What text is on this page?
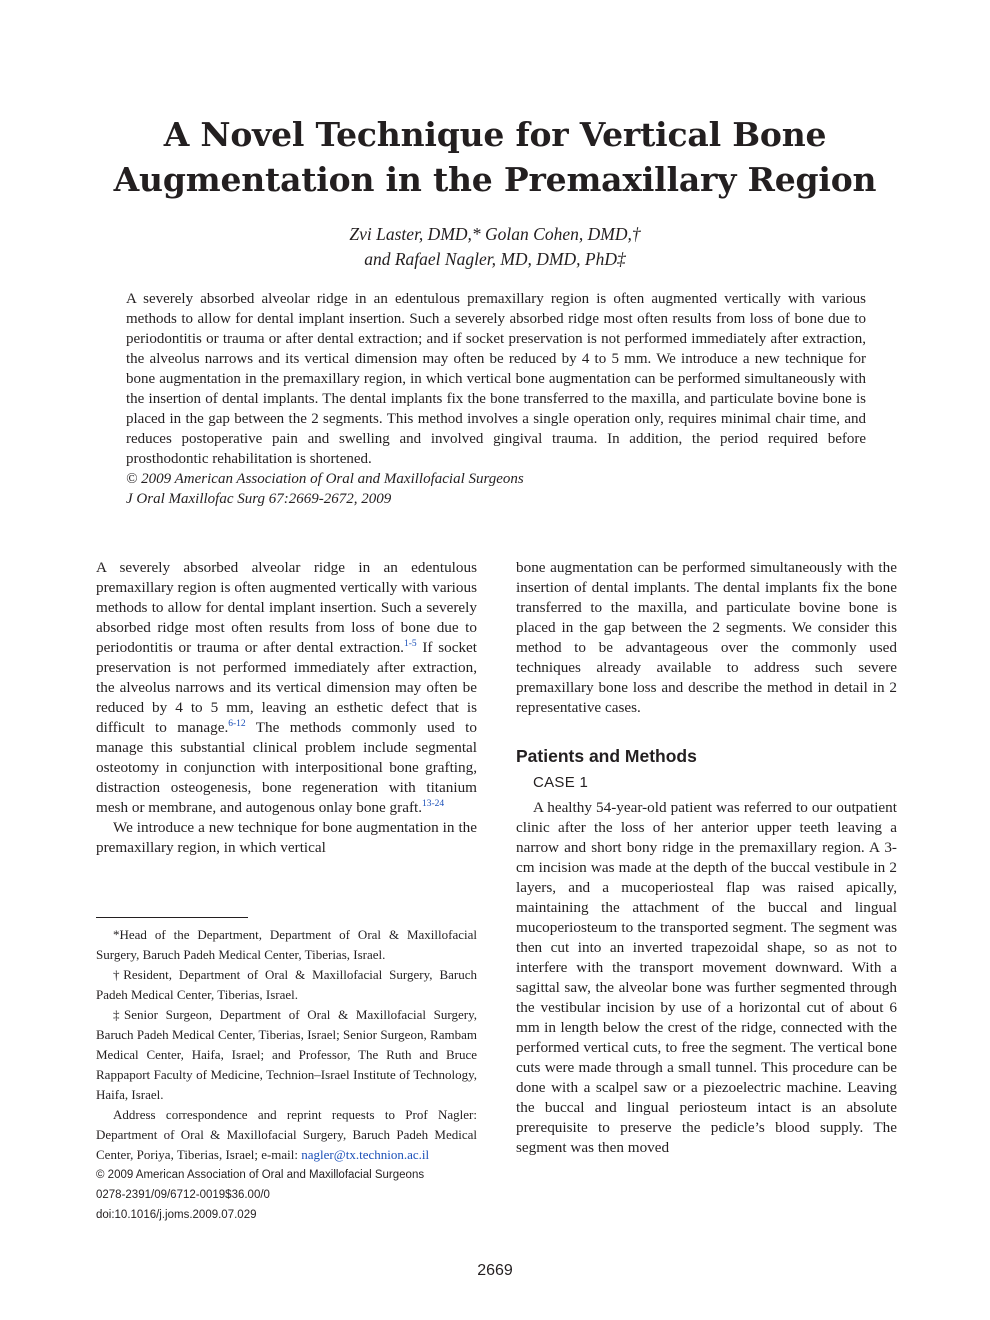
A Novel Technique for Vertical Bone
Augmentation in the Premaxillary Region
Zvi Laster, DMD,* Golan Cohen, DMD,†
and Rafael Nagler, MD, DMD, PhD‡
A severely absorbed alveolar ridge in an edentulous premaxillary region is often augmented vertically with various methods to allow for dental implant insertion. Such a severely absorbed ridge most often results from loss of bone due to periodontitis or trauma or after dental extraction; and if socket preservation is not performed immediately after extraction, the alveolus narrows and its vertical dimension may often be reduced by 4 to 5 mm. We introduce a new technique for bone augmentation in the premaxillary region, in which vertical bone augmentation can be performed simultaneously with the insertion of dental implants. The dental implants fix the bone transferred to the maxilla, and particulate bovine bone is placed in the gap between the 2 segments. This method involves a single operation only, requires minimal chair time, and reduces postoperative pain and swelling and involved gingival trauma. In addition, the period required before prosthodontic rehabilitation is shortened.
© 2009 American Association of Oral and Maxillofacial Surgeons
J Oral Maxillofac Surg 67:2669-2672, 2009

A severely absorbed alveolar ridge in an edentulous premaxillary region is often augmented vertically with various methods to allow for dental implant insertion. Such a severely absorbed ridge most often results from loss of bone due to periodontitis or trauma or after dental extraction.$^{1-5}$ If socket preservation is not performed immediately after extraction, the alveolus narrows and its vertical dimension may often be reduced by 4 to 5 mm, leaving an esthetic defect that is difficult to manage.$^{6-12}$ The methods commonly used to manage this substantial clinical problem include segmental osteotomy in conjunction with interpositional bone grafting, distraction osteogenesis, bone regeneration with titanium mesh or membrane, and autogenous onlay bone graft.$^{13-24}$

We introduce a new technique for bone augmentation in the premaxillary region, in which vertical

*Head of the Department, Department of Oral & Maxillofacial Surgery, Baruch Padeh Medical Center, Tiberias, Israel.

†Resident, Department of Oral & Maxillofacial Surgery, Baruch Padeh Medical Center, Tiberias, Israel.

‡Senior Surgeon, Department of Oral & Maxillofacial Surgery, Baruch Padeh Medical Center, Tiberias, Israel; Senior Surgeon, Rambam Medical Center, Haifa, Israel; and Professor, The Ruth and Bruce Rappaport Faculty of Medicine, Technion–Israel Institute of Technology, Haifa, Israel.

Address correspondence and reprint requests to Prof Nagler: Department of Oral & Maxillofacial Surgery, Baruch Padeh Medical Center, Poriya, Tiberias, Israel; e-mail: nagler@tx.technion.ac.il

© 2009 American Association of Oral and Maxillofacial Surgeons

0278-2391/09/6712-0019$36.00/0

doi:10.1016/j.joms.2009.07.029

bone augmentation can be performed simultaneously with the insertion of dental implants. The dental implants fix the bone transferred to the maxilla, and particulate bovine bone is placed in the gap between the 2 segments. We consider this method to be advantageous over the commonly used techniques already available to address such severe premaxillary bone loss and describe the method in detail in 2 representative cases.

Patients and Methods
CASE 1

A healthy 54-year-old patient was referred to our outpatient clinic after the loss of her anterior upper teeth leaving a narrow and short bony ridge in the premaxillary region. A 3-cm incision was made at the depth of the buccal vestibule in 2 layers, and a mucoperiosteal flap was raised apically, maintaining the attachment of the buccal and lingual mucoperiosteum to the transported segment. The segment was then cut into an inverted trapezoidal shape, so as not to interfere with the transport movement downward. With a sagittal saw, the alveolar bone was further segmented through the vestibular incision by use of a horizontal cut of about 6 mm in length below the crest of the ridge, connected with the performed vertical cuts, to free the segment. The vertical bone cuts were made through a small tunnel. This procedure can be done with a scalpel saw or a piezoelectric machine. Leaving the buccal and lingual periosteum intact is an absolute prerequisite to preserve the pedicle’s blood supply. The segment was then moved

2669
